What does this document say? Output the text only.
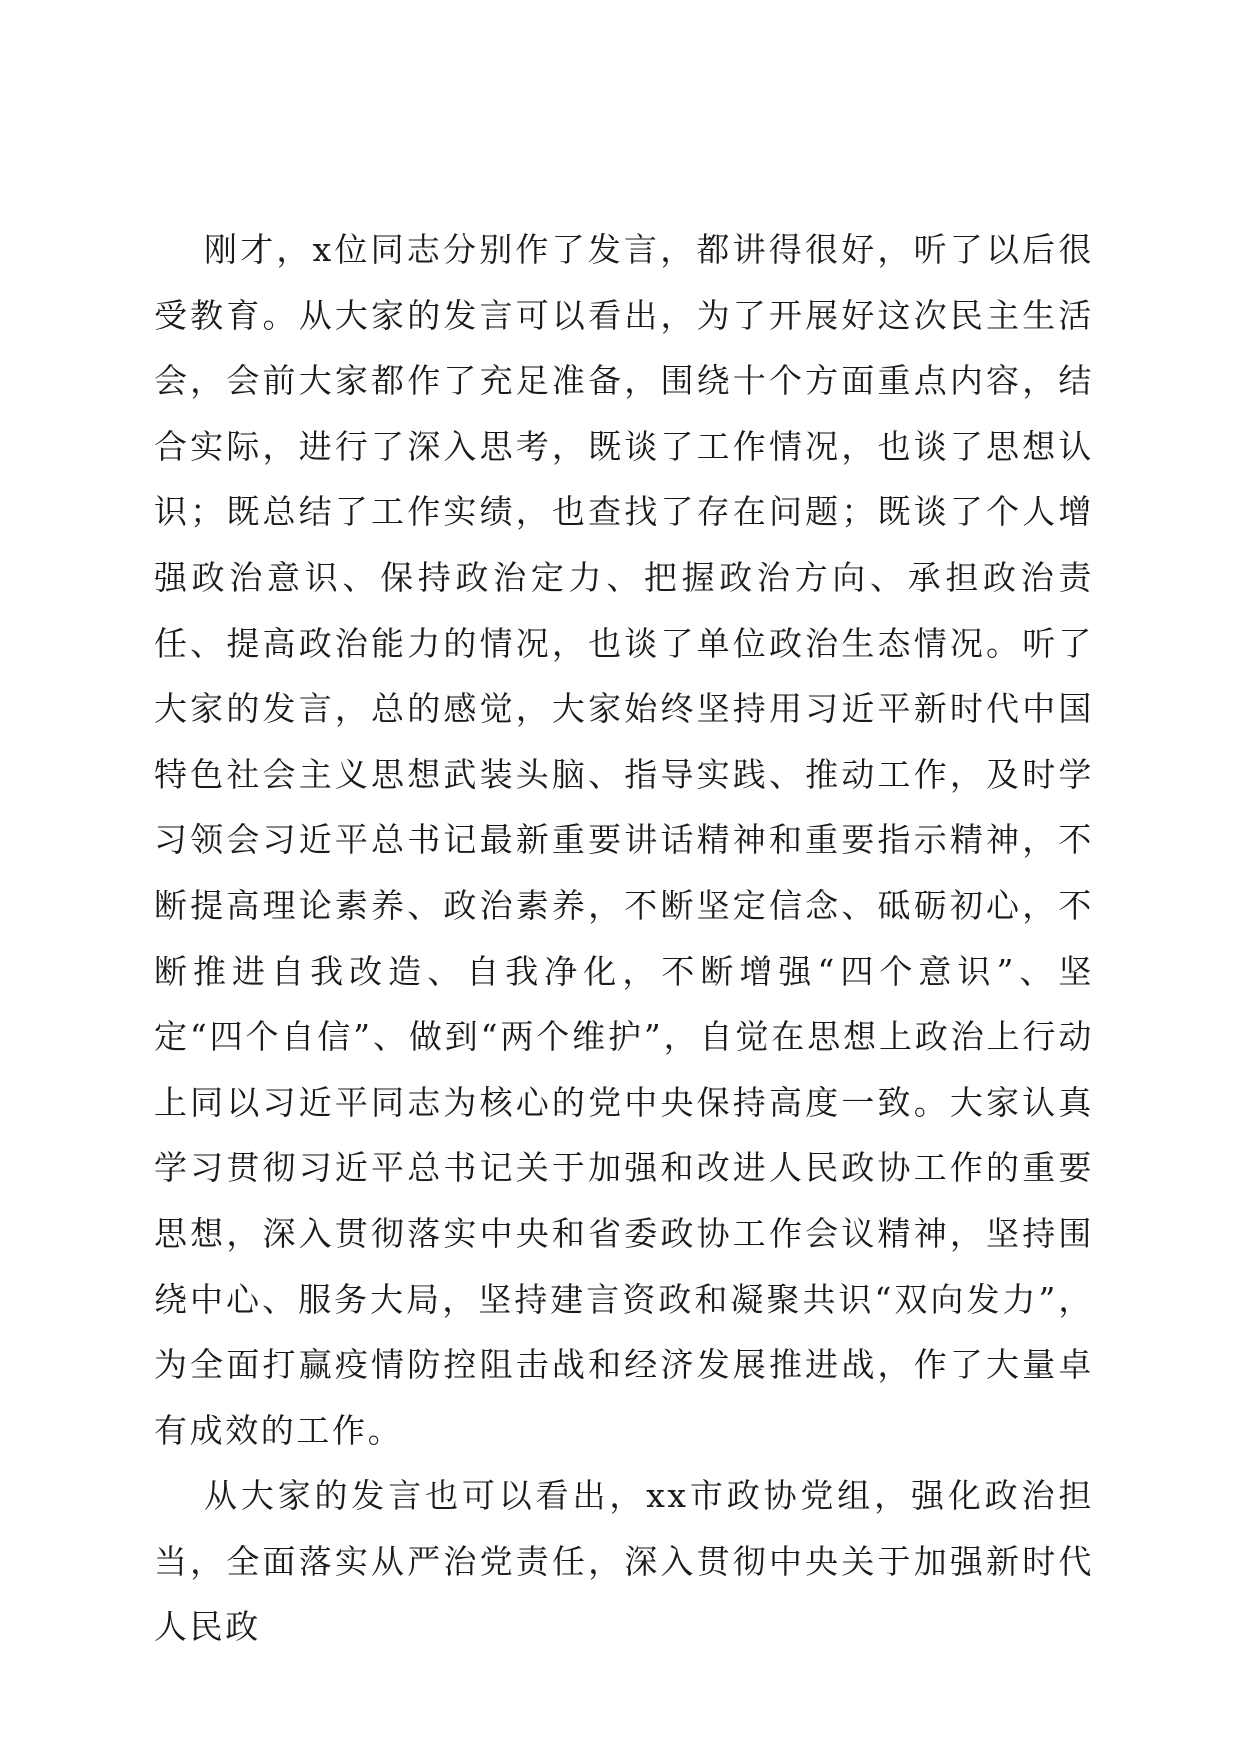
刚才，x位同志分别作了发言，都讲得很好，听了以后很受教育。从大家的发言可以看出，为了开展好这次民主生活会，会前大家都作了充足准备，围绕十个方面重点内容，结合实际，进行了深入思考，既谈了工作情况，也谈了思想认识；既总结了工作实绩，也查找了存在问题；既谈了个人增强政治意识、保持政治定力、把握政治方向、承担政治责任、提高政治能力的情况，也谈了单位政治生态情况。听了大家的发言，总的感觉，大家始终坚持用习近平新时代中国特色社会主义思想武装头脑、指导实践、推动工作，及时学习领会习近平总书记最新重要讲话精神和重要指示精神，不断提高理论素养、政治素养，不断坚定信念、砥砺初心，不断推进自我改造、自我净化，不断增强“四个意识”、坚定“四个自信”、做到“两个维护”，自觉在思想上政治上行动上同以习近平同志为核心的党中央保持高度一致。大家认真学习贯彻习近平总书记关于加强和改进人民政协工作的重要思想，深入贯彻落实中央和省委政协工作会议精神，坚持围绕中心、服务大局，坚持建言资政和凝聚共识“双向发力”，为全面打赢疫情防控阻击战和经济发展推进战，作了大量卓有成效的工作。

从大家的发言也可以看出，xx市政协党组，强化政治担当，全面落实从严治党责任，深入贯彻中央关于加强新时代人民政
